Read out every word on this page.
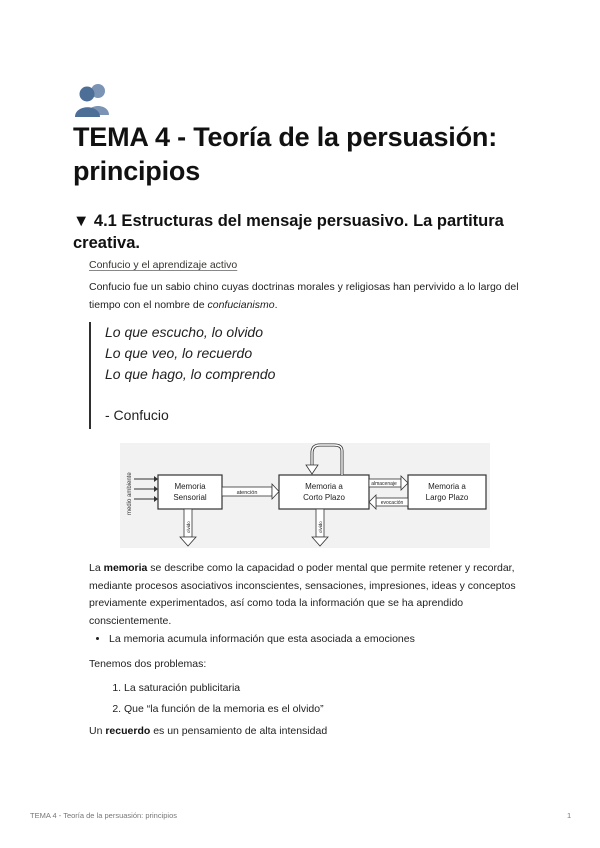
TEMA 4 - Teoría de la persuasión: principios
▼ 4.1 Estructuras del mensaje persuasivo. La partitura creativa.
Confucio y el aprendizaje activo
Confucio fue un sabio chino cuyas doctrinas morales y religiosas han pervivido a lo largo del tiempo con el nombre de confucianismo.
Lo que escucho, lo olvido
Lo que veo, lo recuerdo
Lo que hago, lo comprendo
- Confucio
medio ambiente	Memoria
Sensorial
Memoria a
Corto Plazo
Memoria a
Largo Plazo
atención
almacenaje
evocación
olvido	olvido
La memoria se describe como la capacidad o poder mental que permite retener y recordar, mediante procesos asociativos inconscientes, sensaciones, impresiones, ideas y conceptos previamente experimentados, así como toda la información que se ha aprendido conscientemente.
• La memoria acumula información que esta asociada a emociones
Tenemos dos problemas:
1. La saturación publicitaria
2. Que “la función de la memoria es el olvido”
Un recuerdo es un pensamiento de alta intensidad
TEMA 4 - Teoría de la persuasión: principios	1
